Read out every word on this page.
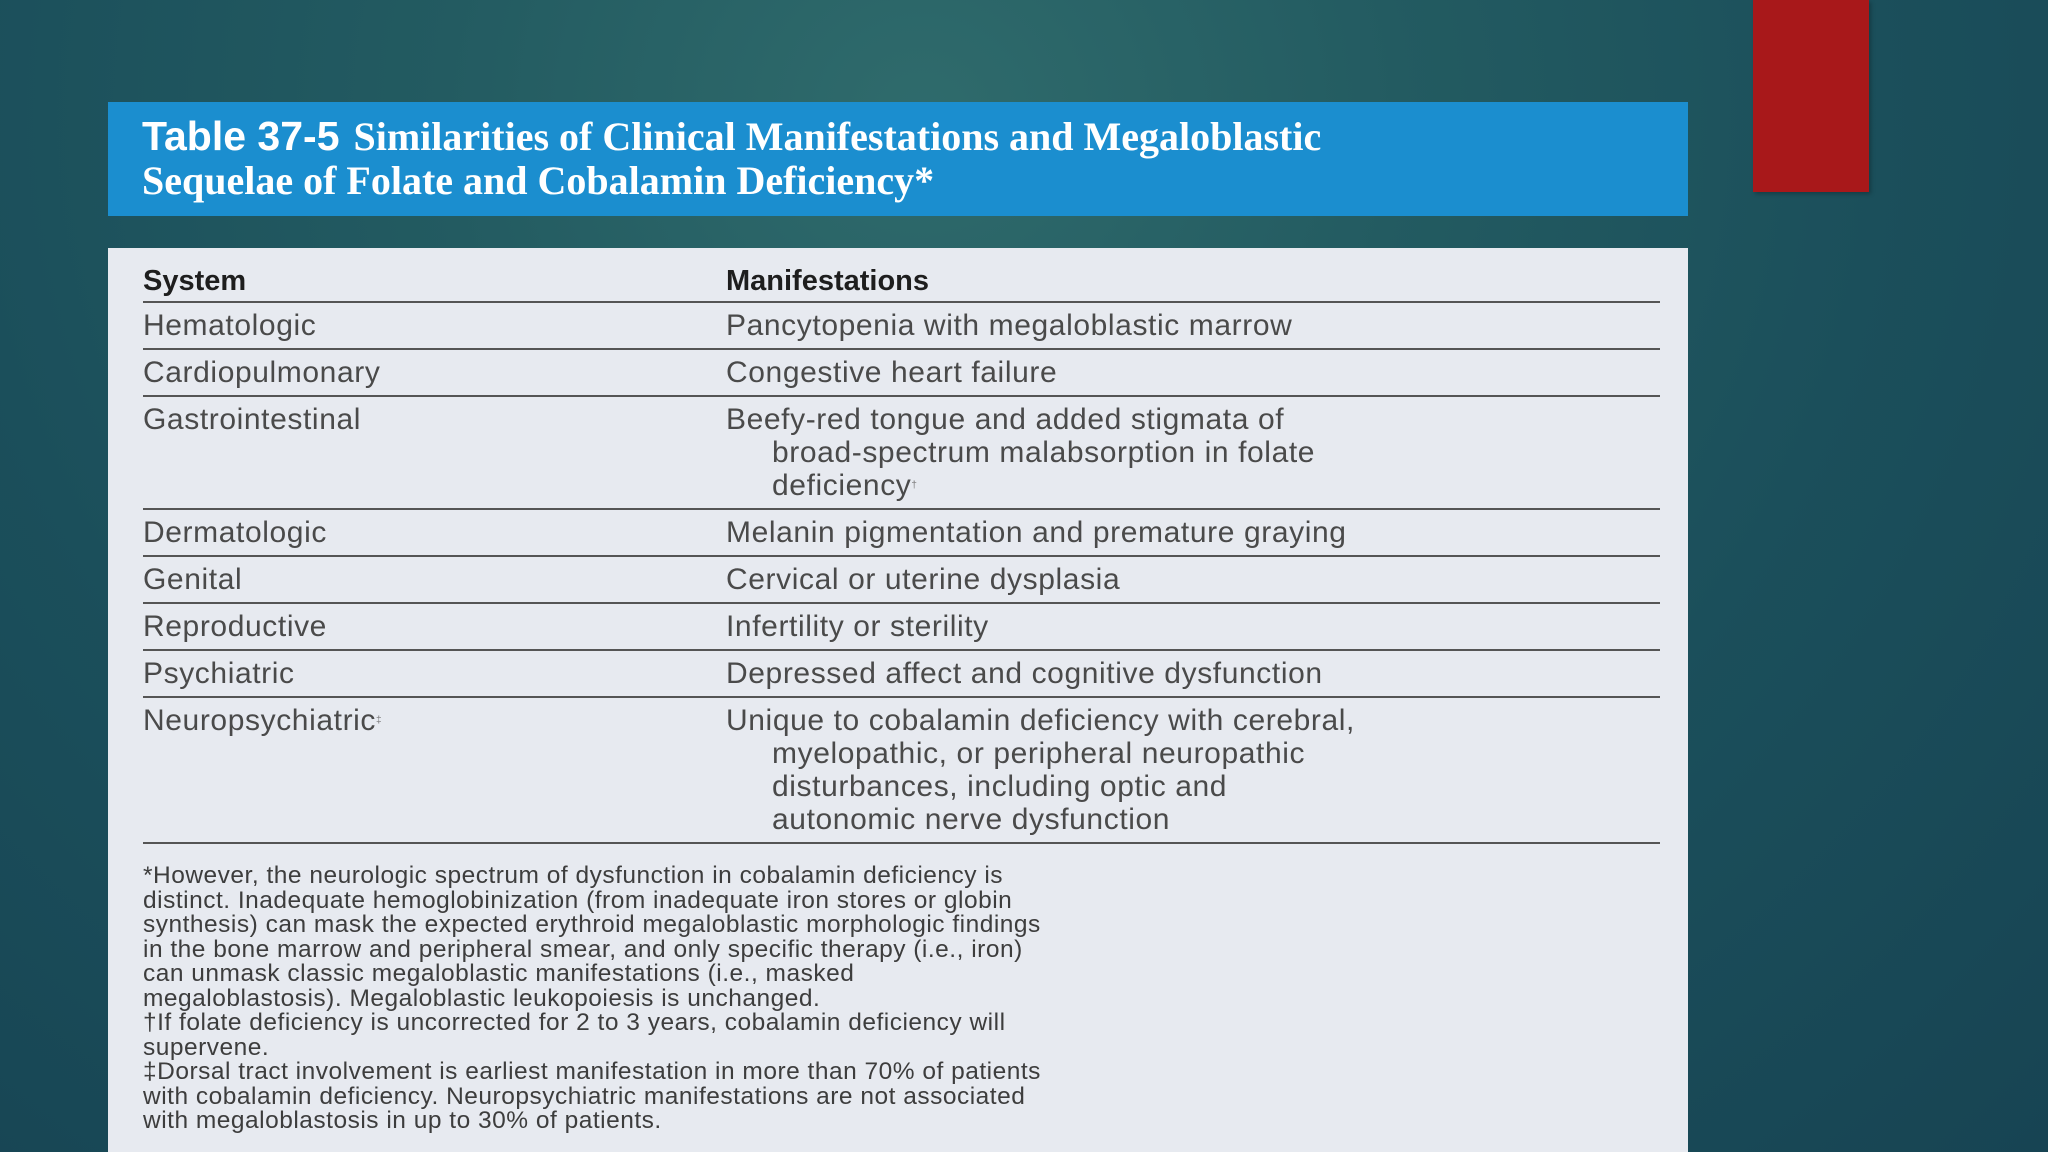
Table 37-5 Similarities of Clinical Manifestations and Megaloblastic
Sequelae of Folate and Cobalamin Deficiency*
System	Manifestations
Hematologic	Pancytopenia with megaloblastic marrow
Cardiopulmonary	Congestive heart failure
Gastrointestinal	Beefy-red tongue and added stigmata of
broad-spectrum malabsorption in folate
deficiency†
Dermatologic	Melanin pigmentation and premature graying
Genital	Cervical or uterine dysplasia
Reproductive	Infertility or sterility
Psychiatric	Depressed affect and cognitive dysfunction
Neuropsychiatric‡	Unique to cobalamin deficiency with cerebral,
myelopathic, or peripheral neuropathic
disturbances, including optic and
autonomic nerve dysfunction

*However, the neurologic spectrum of dysfunction in cobalamin deficiency is

distinct. Inadequate hemoglobinization (from inadequate iron stores or globin

synthesis) can mask the expected erythroid megaloblastic morphologic findings

in the bone marrow and peripheral smear, and only specific therapy (i.e., iron)

can unmask classic megaloblastic manifestations (i.e., masked

megaloblastosis). Megaloblastic leukopoiesis is unchanged.

†If folate deficiency is uncorrected for 2 to 3 years, cobalamin deficiency will

supervene.

‡Dorsal tract involvement is earliest manifestation in more than 70% of patients

with cobalamin deficiency. Neuropsychiatric manifestations are not associated

with megaloblastosis in up to 30% of patients.
